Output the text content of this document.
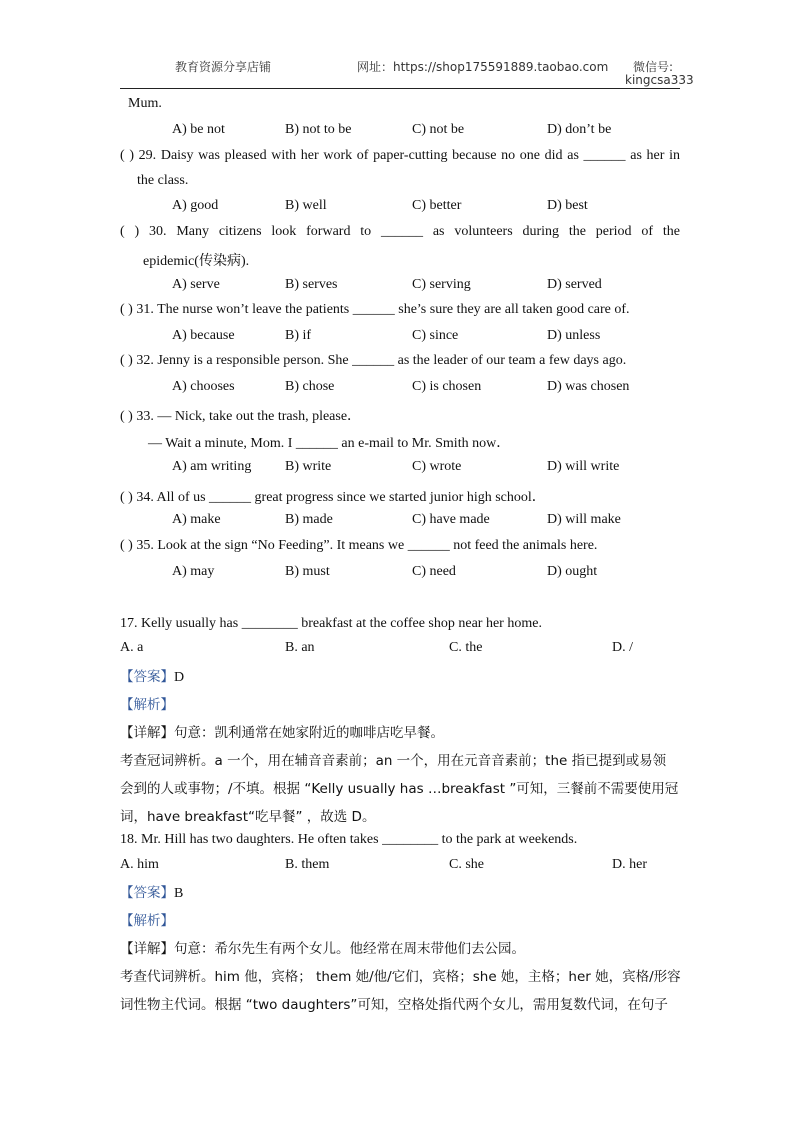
教育资源分享店铺	网址：https://shop175591889.taobao.com 微信号:
kingcsa333
Mum.
A) be not	B) not to be	C) not be	D) don’t be
( ) 29. Daisy was pleased with her work of paper-cutting because no one did as ______ as her in
the class.
A) good	B) well	C) better	D) best
( ) 30. Many citizens look forward to ______ as volunteers during the period of the
epidemic(传染病).
A) serve	B) serves	C) serving	D) served
( ) 31. The nurse won’t leave the patients ______ she’s sure they are all taken good care of.
A) because	B) if	C) since	D) unless
( ) 32. Jenny is a responsible person. She ______ as the leader of our team a few days ago.
A) chooses	B) chose	C) is chosen	D) was chosen
( ) 33. — Nick, take out the trash, please．
— Wait a minute, Mom. I ______ an e-mail to Mr. Smith now．
A) am writing B) write	C) wrote	D) will write
( ) 34. All of us ______ great progress since we started junior high school．
A) make	B) made	C) have made	D) will make
( ) 35. Look at the sign “No Feeding”. It means we ______ not feed the animals here.
A) may	B) must	C) need	D) ought
17. Kelly usually has ________ breakfast at the coffee shop near her home.
A. a	B. an	C. the	D. /
【答案】D
【解析】
【详解】句意：凯利通常在她家附近的咖啡店吃早餐。
考查冠词辨析。a 一个，用在辅音音素前；an 一个，用在元音音素前；the 指已提到或易领
会到的人或事物；/不填。根据 “Kelly usually has …breakfast ”可知，三餐前不需要使用冠
词，have breakfast“吃早餐” ，故选 D。
18. Mr. Hill has two daughters. He often takes ________ to the park at weekends.
A. him	B. them	C. she	D. her
【答案】B
【解析】
【详解】句意：希尔先生有两个女儿。他经常在周末带他们去公园。
考查代词辨析。him 他，宾格； them 她/他/它们，宾格；she 她，主格；her 她，宾格/形容
词性物主代词。根据 “two daughters”可知，空格处指代两个女儿，需用复数代词，在句子
